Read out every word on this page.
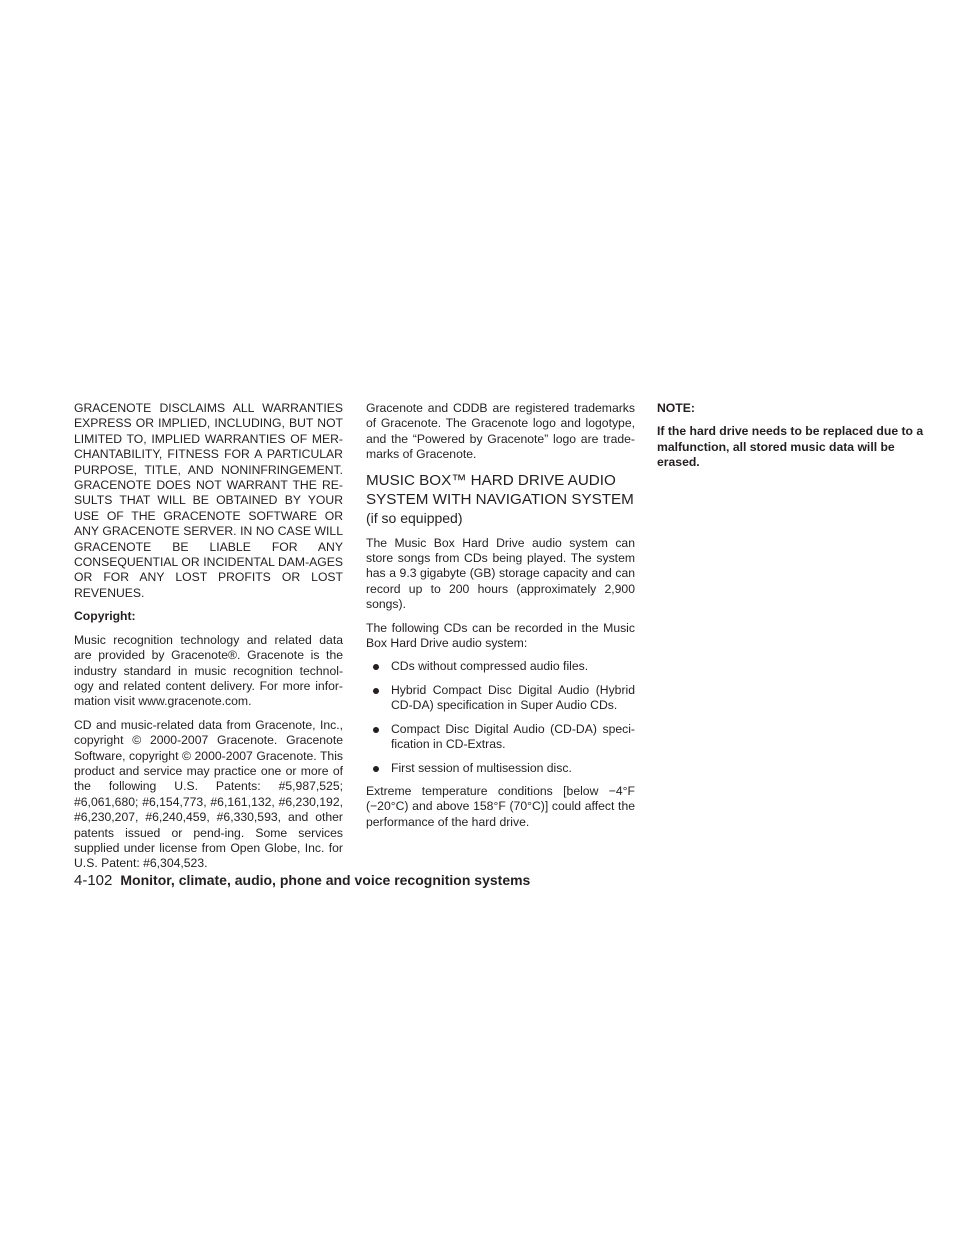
GRACENOTE DISCLAIMS ALL WARRANTIES EXPRESS OR IMPLIED, INCLUDING, BUT NOT LIMITED TO, IMPLIED WARRANTIES OF MER-CHANTABILITY, FITNESS FOR A PARTICULAR PURPOSE, TITLE, AND NONINFRINGEMENT. GRACENOTE DOES NOT WARRANT THE RE-SULTS THAT WILL BE OBTAINED BY YOUR USE OF THE GRACENOTE SOFTWARE OR ANY GRACENOTE SERVER. IN NO CASE WILL GRACENOTE BE LIABLE FOR ANY CONSEQUENTIAL OR INCIDENTAL DAM-AGES OR FOR ANY LOST PROFITS OR LOST REVENUES.

Copyright:

Music recognition technology and related data are provided by Gracenote®. Gracenote is the industry standard in music recognition technol-ogy and related content delivery. For more infor-mation visit www.gracenote.com.

CD and music-related data from Gracenote, Inc., copyright © 2000-2007 Gracenote. Gracenote Software, copyright © 2000-2007 Gracenote. This product and service may practice one or more of the following U.S. Patents: #5,987,525; #6,061,680; #6,154,773, #6,161,132, #6,230,192, #6,230,207, #6,240,459, #6,330,593, and other patents issued or pend-ing. Some services supplied under license from Open Globe, Inc. for U.S. Patent: #6,304,523.

Gracenote and CDDB are registered trademarks of Gracenote. The Gracenote logo and logotype, and the “Powered by Gracenote” logo are trade-marks of Gracenote.

MUSIC BOX™ HARD DRIVE AUDIO SYSTEM WITH NAVIGATION SYSTEM (if so equipped)

The Music Box Hard Drive audio system can store songs from CDs being played. The system has a 9.3 gigabyte (GB) storage capacity and can record up to 200 hours (approximately 2,900 songs).

The following CDs can be recorded in the Music Box Hard Drive audio system:

CDs without compressed audio files.
Hybrid Compact Disc Digital Audio (Hybrid CD-DA) specification in Super Audio CDs.
Compact Disc Digital Audio (CD-DA) speci-fication in CD-Extras.
First session of multisession disc.

Extreme temperature conditions [below −4°F (−20°C) and above 158°F (70°C)] could affect the performance of the hard drive.

NOTE:

If the hard drive needs to be replaced due to a malfunction, all stored music data will be erased.

4-102 Monitor, climate, audio, phone and voice recognition systems
